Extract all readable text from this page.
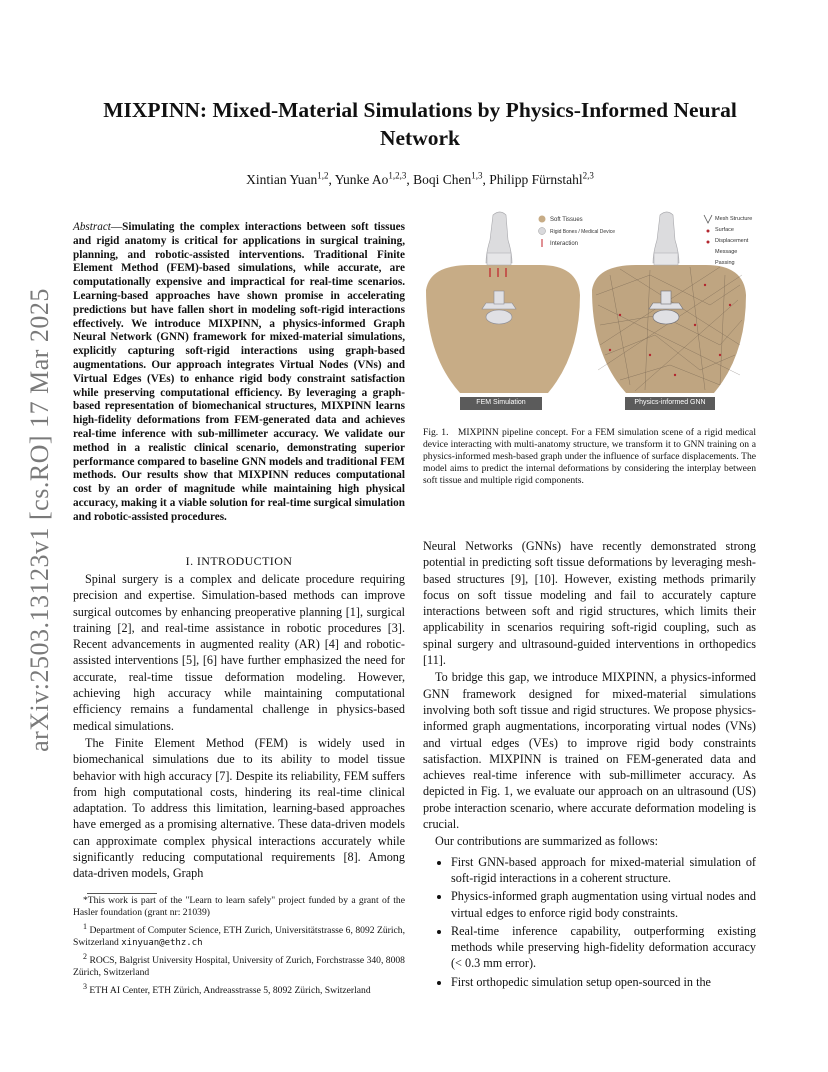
arXiv:2503.13123v1 [cs.RO] 17 Mar 2025
MIXPINN: Mixed-Material Simulations by Physics-Informed Neural Network
Xintian Yuan$^{1,2}$, Yunke Ao$^{1,2,3}$, Boqi Chen$^{1,3}$, Philipp Fürnstahl$^{2,3}$

Abstract—Simulating the complex interactions between soft tissues and rigid anatomy is critical for applications in surgical training, planning, and robotic-assisted interventions. Traditional Finite Element Method (FEM)-based simulations, while accurate, are computationally expensive and impractical for real-time scenarios. Learning-based approaches have shown promise in accelerating predictions but have fallen short in modeling soft-rigid interactions effectively. We introduce MIXPINN, a physics-informed Graph Neural Network (GNN) framework for mixed-material simulations, explicitly capturing soft-rigid interactions using graph-based augmentations. Our approach integrates Virtual Nodes (VNs) and Virtual Edges (VEs) to enhance rigid body constraint satisfaction while preserving computational efficiency. By leveraging a graph-based representation of biomechanical structures, MIXPINN learns high-fidelity deformations from FEM-generated data and achieves real-time inference with sub-millimeter accuracy. We validate our method in a realistic clinical scenario, demonstrating superior performance compared to baseline GNN models and traditional FEM methods. Our results show that MIXPINN reduces computational cost by an order of magnitude while maintaining high physical accuracy, making it a viable solution for real-time surgical simulation and robotic-assisted procedures.

I. INTRODUCTION

Spinal surgery is a complex and delicate procedure requiring precision and expertise. Simulation-based methods can improve surgical outcomes by enhancing preoperative planning [1], surgical training [2], and real-time assistance in robotic procedures [3]. Recent advancements in augmented reality (AR) [4] and robotic-assisted interventions [5], [6] have further emphasized the need for accurate, real-time tissue deformation modeling. However, achieving high accuracy while maintaining computational efficiency remains a fundamental challenge in physics-based medical simulations.

The Finite Element Method (FEM) is widely used in biomechanical simulations due to its ability to model tissue behavior with high accuracy [7]. Despite its reliability, FEM suffers from high computational costs, hindering its real-time clinical adaptation. To address this limitation, learning-based approaches have emerged as a promising alternative. These data-driven models can approximate complex physical interactions accurately while significantly reducing computational requirements [8]. Among data-driven models, Graph

*This work is part of the "Learn to learn safely" project funded by a grant of the Hasler foundation (grant nr: 21039)

$^1$ Department of Computer Science, ETH Zurich, Universitätstrasse 6, 8092 Zürich, Switzerland xinyuan@ethz.ch

$^2$ ROCS, Balgrist University Hospital, University of Zurich, Forchstrasse 340, 8008 Zürich, Switzerland

$^3$ ETH AI Center, ETH Zürich, Andreasstrasse 5, 8092 Zürich, Switzerland

Soft Tissues
Rigid Bones / Medical Device
Interaction
Mesh Structure
Surface Displacement
Message Passing
FEM Simulation	Physics-informed GNN

Fig. 1. MIXPINN pipeline concept. For a FEM simulation scene of a rigid medical device interacting with multi-anatomy structure, we transform it to GNN training on a physics-informed mesh-based graph under the influence of surface displacements. The model aims to predict the internal deformations by considering the interplay between soft tissue and multiple rigid components.

Neural Networks (GNNs) have recently demonstrated strong potential in predicting soft tissue deformations by leveraging mesh-based structures [9], [10]. However, existing methods primarily focus on soft tissue modeling and fail to accurately capture interactions between soft and rigid structures, which limits their applicability in scenarios requiring soft-rigid coupling, such as spinal surgery and ultrasound-guided interventions in orthopedics [11].

To bridge this gap, we introduce MIXPINN, a physics-informed GNN framework designed for mixed-material simulations involving both soft tissue and rigid structures. We propose physics-informed graph augmentations, incorporating virtual nodes (VNs) and virtual edges (VEs) to improve rigid body constraints satisfaction. MIXPINN is trained on FEM-generated data and achieves real-time inference with sub-millimeter accuracy. As depicted in Fig. 1, we evaluate our approach on an ultrasound (US) probe interaction scenario, where accurate deformation modeling is crucial.

Our contributions are summarized as follows:

• First GNN-based approach for mixed-material simulation of soft-rigid interactions in a coherent structure.
• Physics-informed graph augmentation using virtual nodes and virtual edges to enforce rigid body constraints.
• Real-time inference capability, outperforming existing methods while preserving high-fidelity deformation accuracy (< 0.3 mm error).
• First orthopedic simulation setup open-sourced in the
